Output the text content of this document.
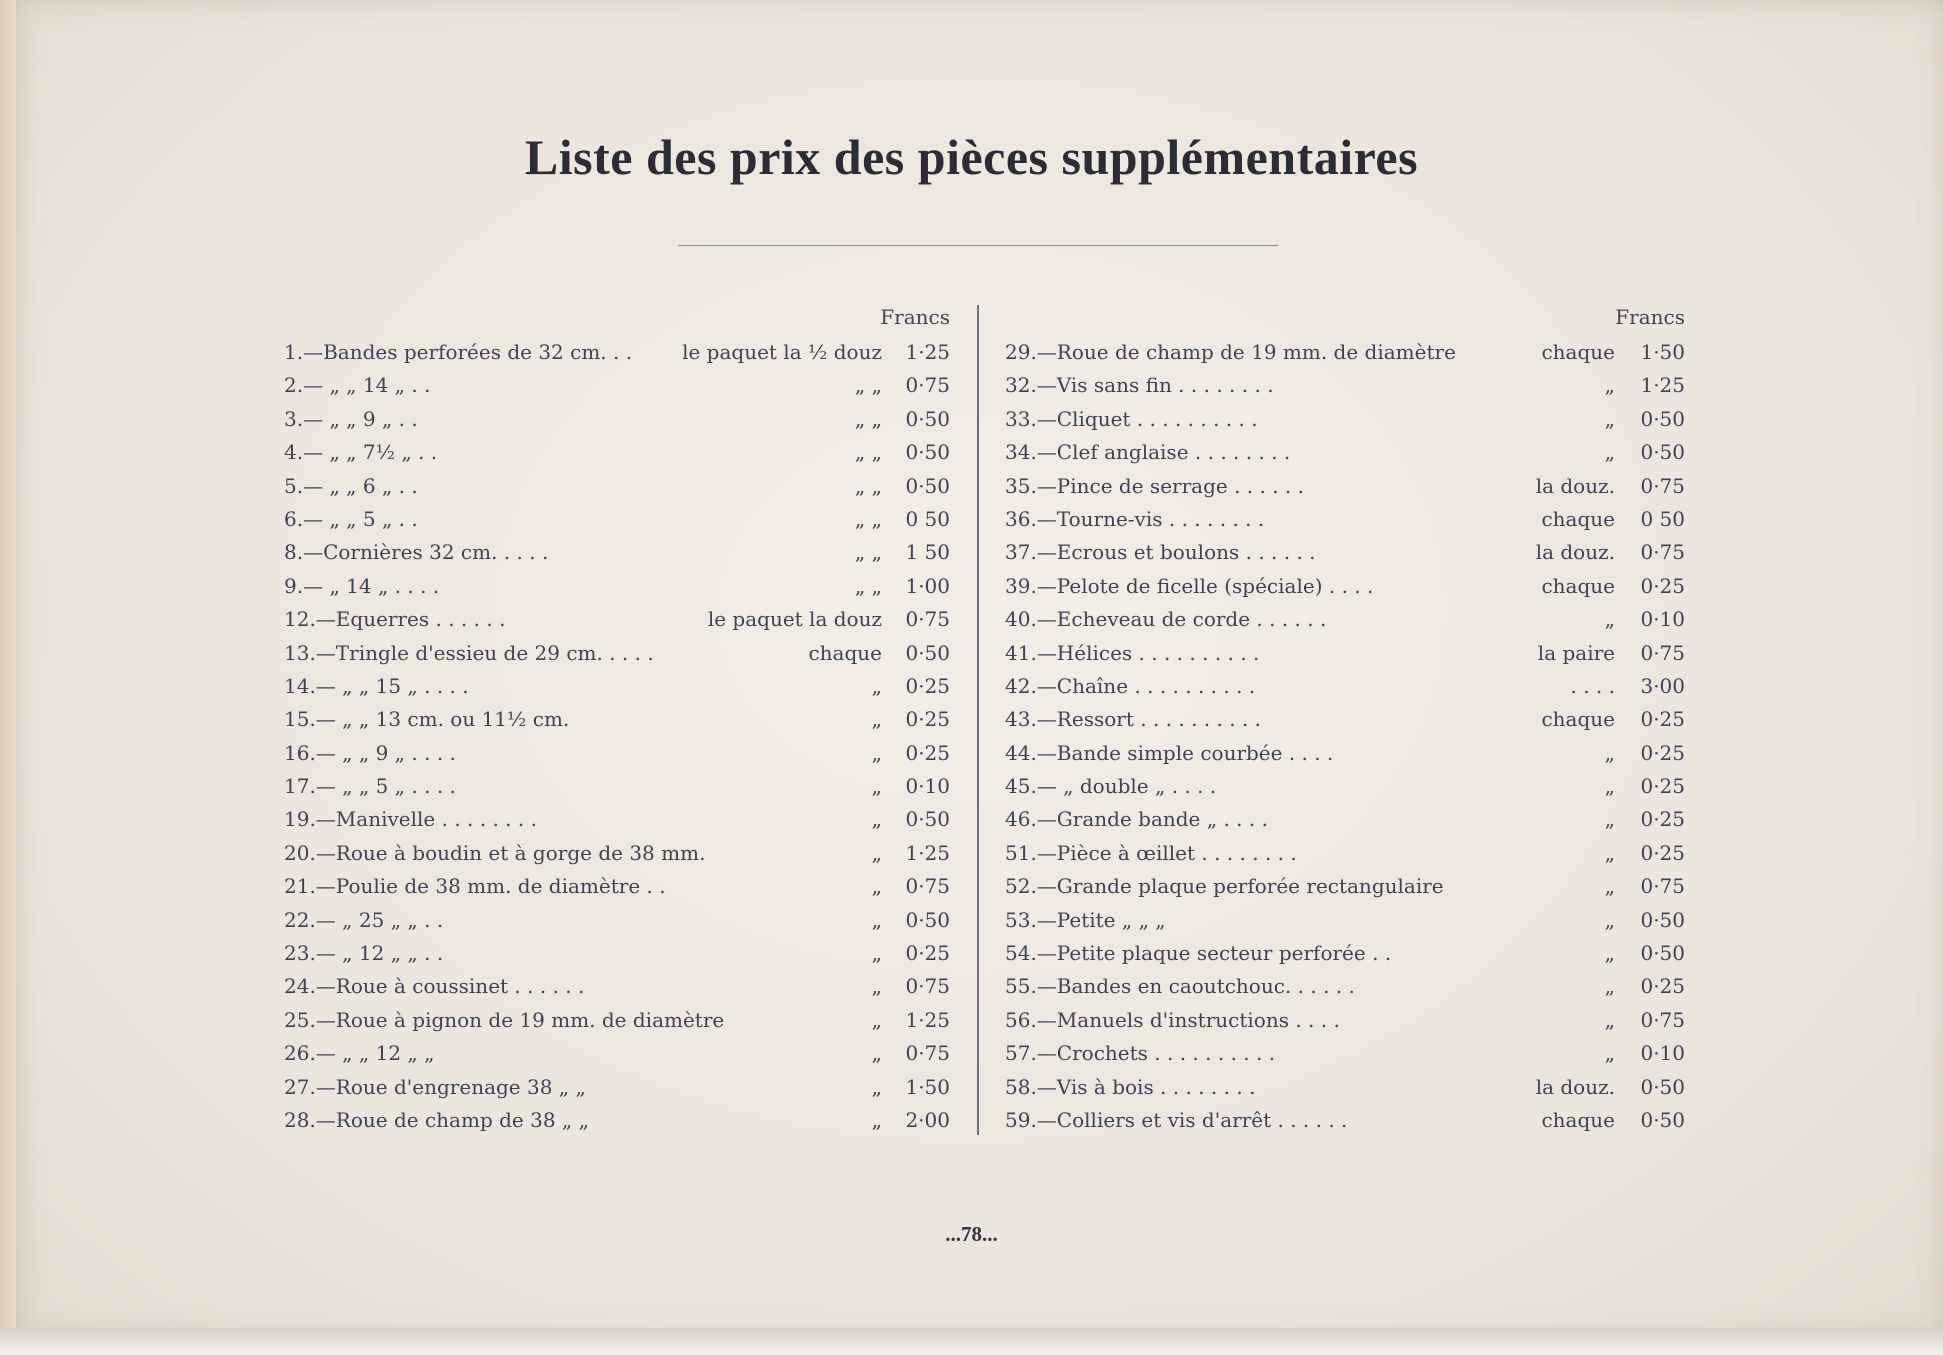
Liste des prix des pièces supplémentaires
Francs
1.—Bandes perforées de 32 cm. . . le paquet la ½ douz 1·25
2.— „ „ 14 „ . .	„ „ 0·75
3.— „ „ 9 „ . .	„ „ 0·50
4.— „ „ 7½ „ . .	„ „ 0·50
5.— „ „ 6 „ . .	„ „ 0·50
6.— „ „ 5 „ . .	„ „ 0 50
8.—Cornières 32 cm. . . . .	„ „ 1 50
9.— „ 14 „ . . . .	„ „ 1·00
12.—Equerres . . . . . .	le paquet la douz 0·75
13.—Tringle d'essieu de 29 cm. . . . .	chaque 0·50
14.— „ „ 15 „ . . . .	„ 0·25
15.— „ „ 13 cm. ou 11½ cm.	„ 0·25
16.— „ „ 9 „ . . . .	„ 0·25
17.— „ „ 5 „ . . . .	„ 0·10
19.—Manivelle . . . . . . . .	„ 0·50
20.—Roue à boudin et à gorge de 38 mm.	„ 1·25
21.—Poulie de 38 mm. de diamètre . .	„ 0·75
22.— „ 25 „ „ . .	„ 0·50
23.— „ 12 „ „ . .	„ 0·25
24.—Roue à coussinet . . . . . .	„ 0·75
25.—Roue à pignon de 19 mm. de diamètre	„ 1·25
26.— „ „ 12 „ „	„ 0·75
27.—Roue d'engrenage 38 „ „	„ 1·50
28.—Roue de champ de 38 „ „	„ 2·00
Francs
29.—Roue de champ de 19 mm. de diamètre	chaque 1·50
32.—Vis sans fin . . . . . . . .	„ 1·25
33.—Cliquet . . . . . . . . . .	„ 0·50
34.—Clef anglaise . . . . . . . .	„ 0·50
35.—Pince de serrage . . . . . .	la douz. 0·75
36.—Tourne-vis . . . . . . . .	chaque 0 50
37.—Ecrous et boulons . . . . . .	la douz. 0·75
39.—Pelote de ficelle (spéciale) . . . .	chaque 0·25
40.—Echeveau de corde . . . . . .	„ 0·10
41.—Hélices . . . . . . . . . .	la paire 0·75
42.—Chaîne . . . . . . . . . .	. . . . 3·00
43.—Ressort . . . . . . . . . .	chaque 0·25
44.—Bande simple courbée . . . .	„ 0·25
45.— „ double „ . . . .	„ 0·25
46.—Grande bande „ . . . .	„ 0·25
51.—Pièce à œillet . . . . . . . .	„ 0·25
52.—Grande plaque perforée rectangulaire	„ 0·75
53.—Petite „ „ „	„ 0·50
54.—Petite plaque secteur perforée . .	„ 0·50
55.—Bandes en caoutchouc. . . . . .	„ 0·25
56.—Manuels d'instructions . . . .	„ 0·75
57.—Crochets . . . . . . . . . .	„ 0·10
58.—Vis à bois . . . . . . . .	la douz. 0·50
59.—Colliers et vis d'arrêt . . . . . .	chaque 0·50
...78...
